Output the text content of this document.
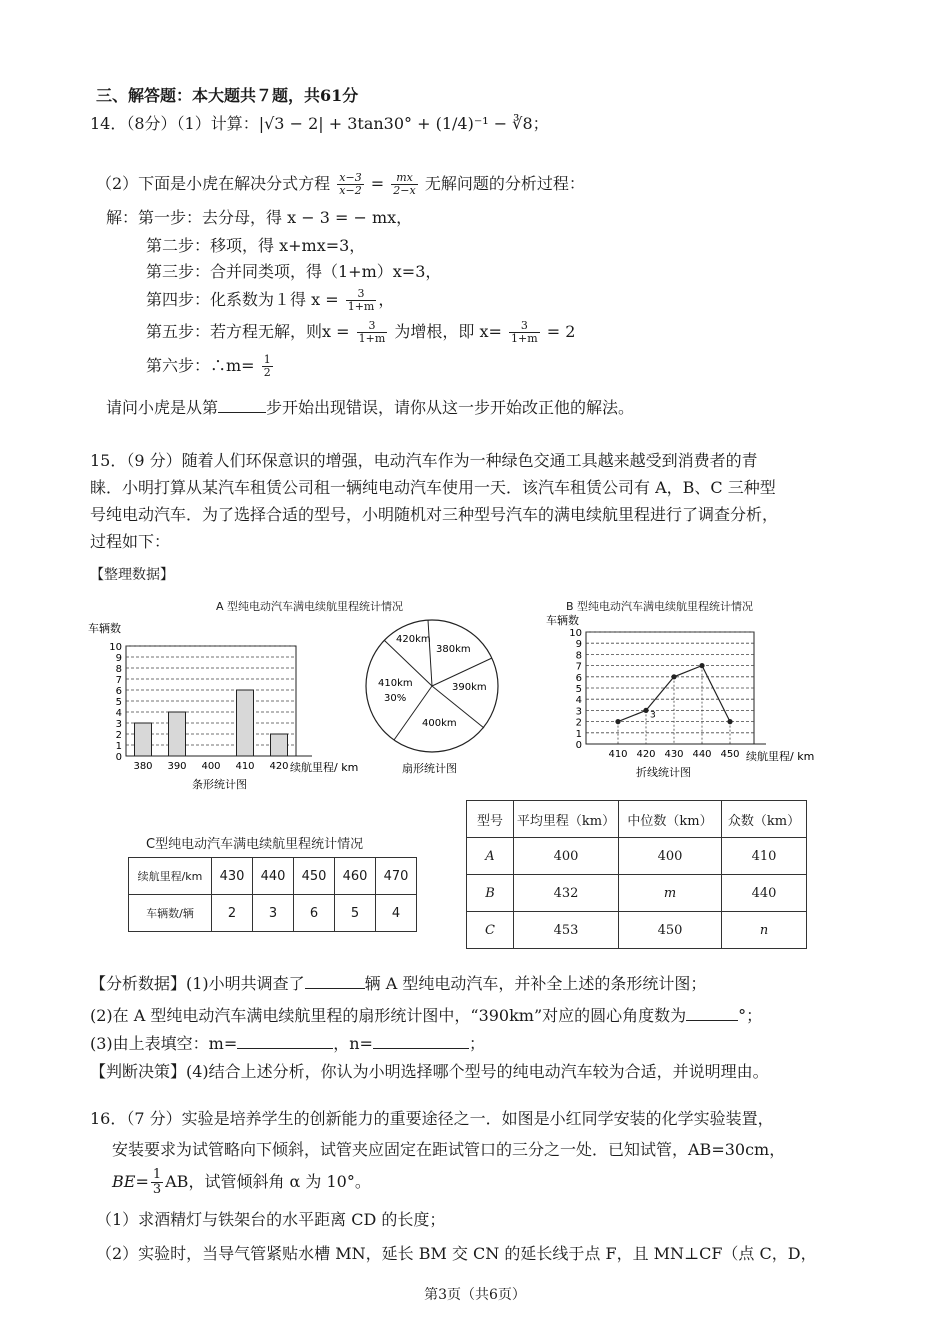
三、解答题：本大题共７题，共61分
14．（8分）（1）计算：|√3 − 2| + 3tan30° + (1/4)⁻¹ − ∛8；
（2）下面是小虎在解决分式方程 $\frac{x-3}{x-2} = \frac{mx}{2-x}$ 无解问题的分析过程：
解：第一步：去分母，得 x − 3 = − mx，
第二步：移项，得 x+mx=3，
第三步：合并同类项，得（1+m）x=3，
第四步：化系数为１得 $x = \frac{3}{1+m}$ ，
第五步：若方程无解，则$x = \frac{3}{1+m}$ 为增根，即 $x= \frac{3}{1+m} = 2$
第六步：∴m= $\frac{1}{2}$
请问小虎是从第	步开始出现错误，请你从这一步开始改正他的解法。
15．（9 分）随着人们环保意识的增强，电动汽车作为一种绿色交通工具越来越受到消费者的青
睐．小明打算从某汽车租赁公司租一辆纯电动汽车使用一天．该汽车租赁公司有 A，B、C 三种型
号纯电动汽车．为了选择合适的型号，小明随机对三种型号汽车的满电续航里程进行了调查分析，
过程如下：
【整理数据】
A 型纯电动汽车满电续航里程统计情况	B 型纯电动汽车满电续航里程统计情况
0
1
2
3
4
5
6
7
8
9
10
380 390 400 410 420
车辆数
续航里程/ km
条形统计图
420km
380km
390km
400km
410km
30%
扇形统计图
0
1
2
3
4
5
6
7
8
9
10
410 420 430 440 450
3
车辆数
续航里程/ km
折线统计图
C型纯电动汽车满电续航里程统计情况
续航里程/km	430	440	450	460	470
车辆数/辆	2	3	6	5	4
型号	平均里程（km）	中位数（km）	众数（km）
A	400	400	410
B	432	m	440
C	453	450	n
【分析数据】(1)小明共调查了	辆 A 型纯电动汽车，并补全上述的条形统计图；
(2)在 A 型纯电动汽车满电续航里程的扇形统计图中，“390km”对应的圆心角度数为	°；
(3)由上表填空：m=	，n=	；
【判断决策】(4)结合上述分析，你认为小明选择哪个型号的纯电动汽车较为合适，并说明理由。
16．（7 分）实验是培养学生的创新能力的重要途径之一．如图是小红同学安装的化学实验装置，
安装要求为试管略向下倾斜，试管夹应固定在距试管口的三分之一处．已知试管，AB=30cm，
$BE= \frac{1}{3}$ AB，试管倾斜角 α 为 10°。
（1）求酒精灯与铁架台的水平距离 CD 的长度；
（2）实验时，当导气管紧贴水槽 MN，延长 BM 交 CN 的延长线于点 F，且 MN⊥CF（点 C，D，
第3页（共6页）
